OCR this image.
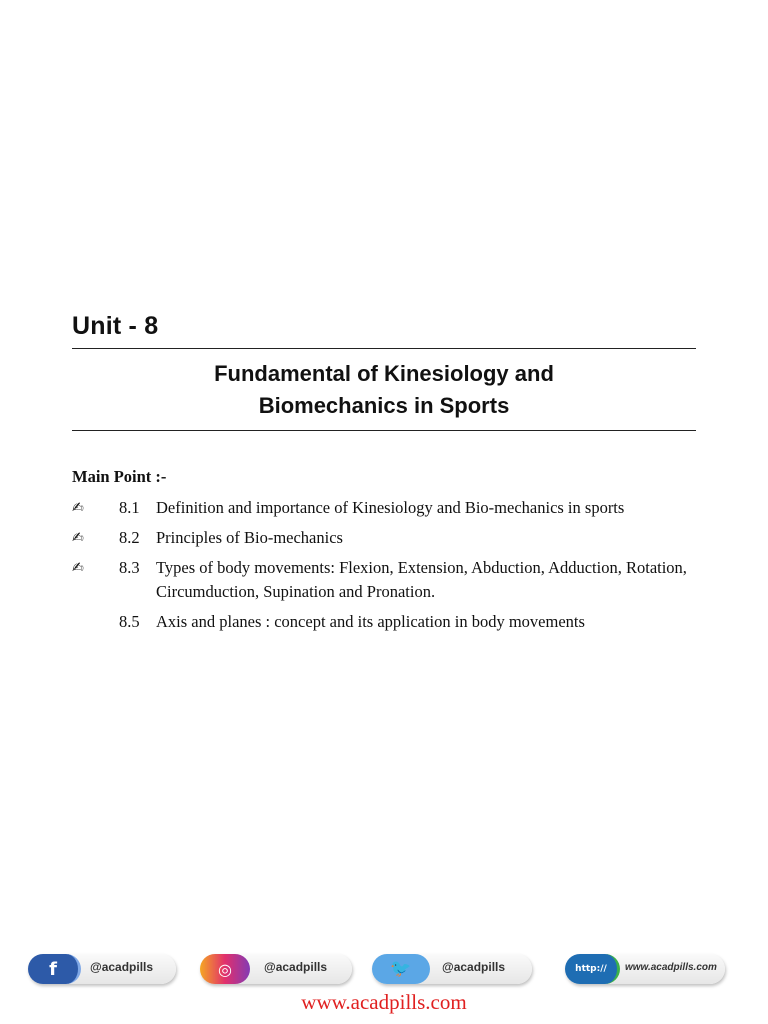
Unit - 8
Fundamental of Kinesiology and
Biomechanics in Sports
Main Point :-
✍	8.1 Definition and importance of Kinesiology and Bio-mechanics in sports
✍	8.2 Principles of Bio-mechanics
✍	8.3 Types of body movements: Flexion, Extension, Abduction, Adduction, Rotation, Circumduction, Supination and Pronation.
8.5 Axis and planes : concept and its application in body movements
f	@acadpills	◎	@acadpills	🐦	@acadpills	http://	www.acadpills.com
www.acadpills.com
